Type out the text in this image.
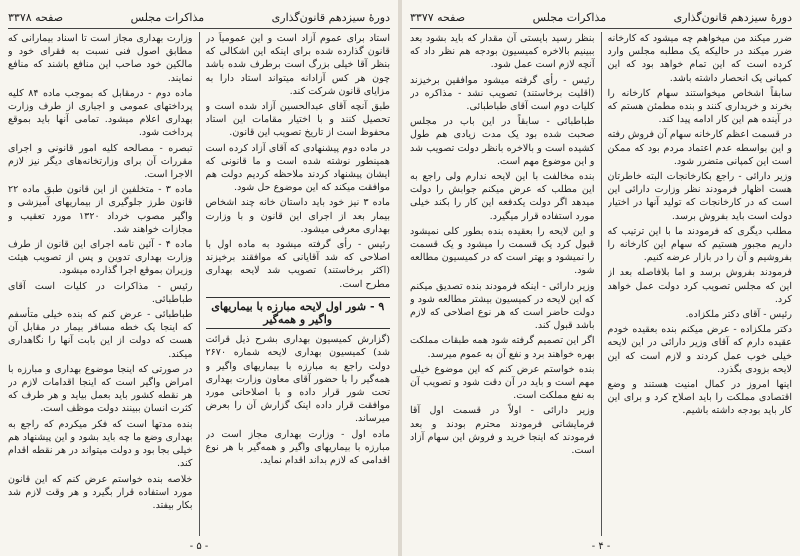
دورهٔ سیزدهم قانون‌گذاری
مذاکرات مجلس
صفحه ۳۳۷۸

استاد برای عموم آزاد است و این عمومیاً در قانون گذارده شده برای اینکه این اشکالی که بنظر آقا خیلی بزرگ است برطرف شده باشد چون هر کس آزادانه میتواند استاد دارا به مزایای قانون شرکت کند.

طبق آنچه آقای عبدالحسین آزاد شده است و تحصیل کنند و با اختیار مقامات این استاد محفوظ است از تاریخ تصویب این قانون.

در ماده دوم پیشنهادی که آقای آزاد کرده است همینطور نوشته شده است و ما قانونی که ایشان پیشنهاد کردند ملاحظه کردیم دولت هم موافقت میکند که این موضوع حل شود.

ماده ۳ نیز خود باید داستان خانه چند اشخاص بیمار بعد از اجرای این قانون و با وزارت بهداری معرفی میشود.

رئیس - رأی گرفته میشود به ماده اول با اصلاحی که شد آقایانی که موافقند برخیزند (اکثر برخاستند) تصویب شد لایحه بهداری مطرح است.

۹ - شور اول لایحه مبارزه با بیماریهای واگیر و همه‌گیر

(گزارش کمیسیون بهداری بشرح ذیل قرائت شد) کمیسیون بهداری لایحه شماره ۲۶۷۰ دولت راجع به مبارزه با بیماریهای واگیر و همه‌گیر را با حضور آقای معاون وزارت بهداری تحت شور قرار داده و با اصلاحاتی مورد موافقت قرار داده اینک گزارش آن را بعرض میرساند.

ماده اول - وزارت بهداری مجاز است در مبارزه با بیماریهای واگیر و همه‌گیر با هر نوع اقدامی که لازم بداند اقدام نماید.

وزارت بهداری مجاز است تا اسناد بیمارانی که مطابق اصول فنی نسبت به فقرای خود و مالکین خود صاحب این منافع باشند که منافع نمایند.

ماده دوم - درمقابل که بموجب ماده ۸۴ کلیه پرداختهای عمومی و اجباری از طرف وزارت بهداری اعلام میشود. تمامی آنها باید بموقع پرداخت شود.

تبصره - مصالحه کلیه امور قانونی و اجرای مقررات آن برای وزارتخانه‌های دیگر نیز لازم الاجرا است.

ماده ۳ - متخلفین از این قانون طبق ماده ۲۲ قانون طرز جلوگیری از بیماریهای آمیزشی و واگیر مصوب خرداد ۱۳۲۰ مورد تعقیب و مجازات خواهند شد.

ماده ۴ - آئین نامه اجرای این قانون از طرف وزارت بهداری تدوین و پس از تصویب هیئت وزیران بموقع اجرا گذارده میشود.

رئیس - مذاکرات در کلیات است آقای طباطبائی.

طباطبائی - عرض کنم که بنده خیلی متأسفم که اینجا یک خطه مسافر بیمار در مقابل آن هست که دولت از این بابت آنها را نگاهداری میکند.

در صورتی که اینجا موضوع بهداری و مبارزه با امراض واگیر است که اینجا اقدامات لازم در هر نقطه کشور باید بعمل بیاید و هر طرف که کثرت انسان ببینند دولت موظف است.

بنده مدتها است که فکر میکردم که راجع به بهداری وضع ما چه باید بشود و این پیشنهاد هم خیلی بجا بود و دولت میتواند در هر نقطه اقدام کند.

خلاصه بنده خواستم عرض کنم که این قانون مورد استفاده قرار بگیرد و هر وقت لازم شد بکار بیفتد.

- ۵ -
دورهٔ سیزدهم قانون‌گذاری
مذاکرات مجلس
صفحه ۳۳۷۷

ضرر میکند من میخواهم چه میشود که کارخانه ضرر میکند در حالیکه یک مطلبه مجلس وارد کرده است که این تمام خواهد بود که این کمپانی یک انحصار داشته باشد.

سابقاً اشخاص میخواستند سهام کارخانه را بخرند و خریداری کنند و بنده مطمئن هستم که در آینده هم این کار ادامه پیدا کند.

در قسمت اعظم کارخانه سهام آن فروش رفته و این بواسطه عدم اعتماد مردم بود که ممکن است این کمپانی متضرر شود.

وزیر دارائی - راجع بکارخانجات البته خاطرتان هست اظهار فرمودند نظر وزارت دارائی این است که در کارخانجات که تولید آنها در اختیار دولت است باید بفروش برسد.

مطلب دیگری که فرمودند ما با این ترتیب که داریم مجبور هستیم که سهام این کارخانه را بفروشیم و آن را در بازار عرضه کنیم.

فرمودند بفروش برسد و اما بلافاصله بعد از این که مجلس تصویب کرد دولت عمل خواهد کرد.

رئیس - آقای دکتر ملکزاده.

دکتر ملکزاده - عرض میکنم بنده بعقیده خودم عقیده دارم که آقای وزیر دارائی در این لایحه خیلی خوب عمل کردند و لازم است که این لایحه بزودی بگذرد.

اینها امروز در کمال امنیت هستند و وضع اقتصادی مملکت را باید اصلاح کرد و برای این کار باید بودجه داشته باشیم.

بنظر رسید بایستی آن مقدار که باید بشود بعد ببینیم بالاخره کمیسیون بودجه هم نظر داد که آنچه لازم است عمل شود.

رئیس - رأی گرفته میشود موافقین برخیزند (اقلیت برخاستند) تصویب نشد - مذاکره در کلیات دوم است آقای طباطبائی.

طباطبائی - سابقاً در این باب در مجلس صحبت شده بود یک مدت زیادی هم طول کشیده است و بالاخره بانظر دولت تصویب شد و این موضوع مهم است.

بنده مخالفت با این لایحه ندارم ولی راجع به این مطلب که عرض میکنم جوابش را دولت میدهد اگر دولت یکدفعه این کار را بکند خیلی مورد استفاده قرار میگیرد.

و این لایحه را بعقیده بنده بطور کلی نمیشود قبول کرد یک قسمت را میشود و یک قسمت را نمیشود و بهتر است که در کمیسیون مطالعه شود.

وزیر دارائی - اینکه فرمودند بنده تصدیق میکنم که این لایحه در کمیسیون بیشتر مطالعه شود و دولت حاضر است که هر نوع اصلاحی که لازم باشد قبول کند.

اگر این تصمیم گرفته شود همه طبقات مملکت بهره خواهند برد و نفع آن به عموم میرسد.

بنده خواستم عرض کنم که این موضوع خیلی مهم است و باید در آن دقت شود و تصویب آن به نفع مملکت است.

وزیر دارائی - اولاً در قسمت اول آقا فرمایشاتی فرمودند محترم بودند و بعد فرمودند که اینجا خرید و فروش این سهام آزاد است.

- ۴ -
